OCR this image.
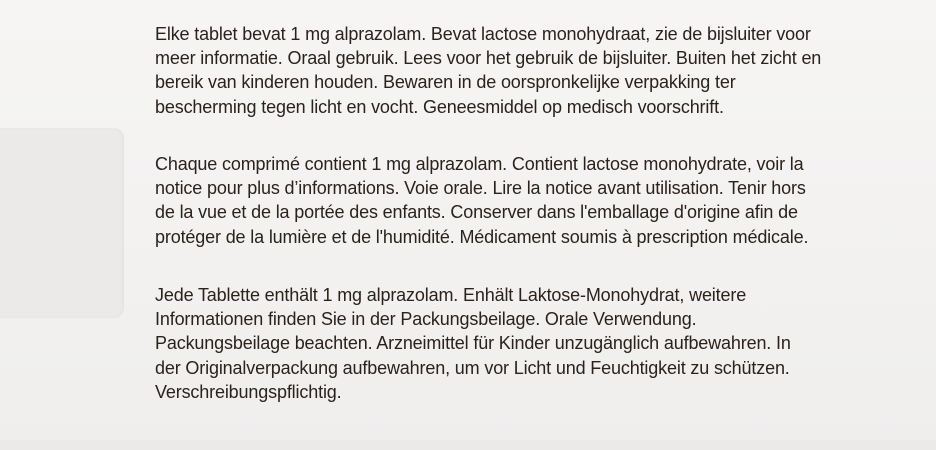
Elke tablet bevat 1 mg alprazolam. Bevat lactose monohydraat, zie de bijsluiter voor
meer informatie. Oraal gebruik. Lees voor het gebruik de bijsluiter. Buiten het zicht en
bereik van kinderen houden. Bewaren in de oorspronkelijke verpakking ter
bescherming tegen licht en vocht. Geneesmiddel op medisch voorschrift.

Chaque comprimé contient 1 mg alprazolam. Contient lactose monohydrate, voir la
notice pour plus d’informations. Voie orale. Lire la notice avant utilisation. Tenir hors
de la vue et de la portée des enfants. Conserver dans l'emballage d'origine afin de
protéger de la lumière et de l'humidité. Médicament soumis à prescription médicale.

Jede Tablette enthält 1 mg alprazolam. Enhält Laktose-Monohydrat, weitere
Informationen finden Sie in der Packungsbeilage. Orale Verwendung.
Packungsbeilage beachten. Arzneimittel für Kinder unzugänglich aufbewahren. In
der Originalverpackung aufbewahren, um vor Licht und Feuchtigkeit zu schützen.
Verschreibungspflichtig.
